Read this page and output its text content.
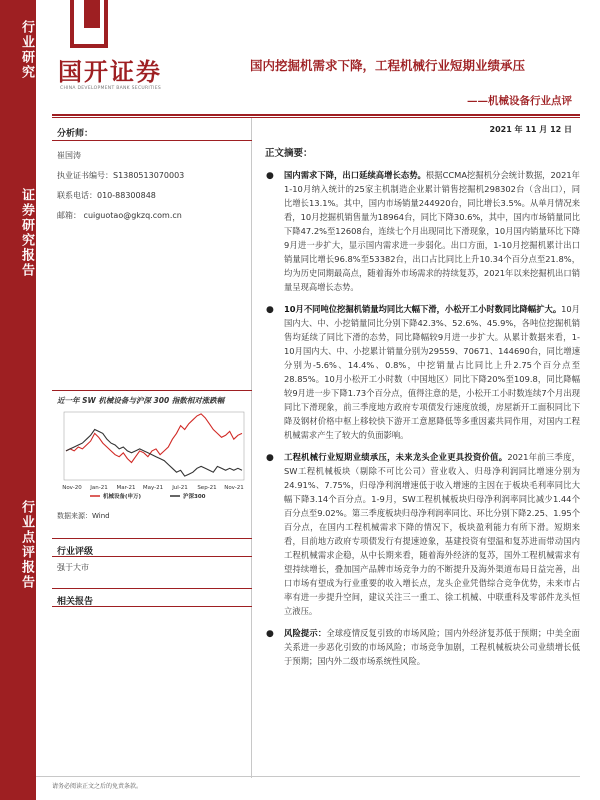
行业研究
证券研究报告
行业点评报告
国开证券
CHINA DEVELOPMENT BANK SECURITIES
国内挖掘机需求下降，工程机械行业短期业绩承压
——机械设备行业点评
分析师：
崔国涛
执业证书编号：S1380513070003
联系电话：010-88300848
邮箱： cuiguotao@gkzq.com.cn
近一年 SW 机械设备与沪深 300 指数相对涨跌幅
Nov-20 Jan-21 Mar-21 May-21 Jul-21 Sep-21 Nov-21
机械设备(申万)	沪深300
数据来源：Wind
行业评级
强于大市
相关报告
2021 年 11 月 12 日
正文摘要：
● 国内需求下降，出口延续高增长态势。根据CCMA挖掘机分会统计数据，2021年1-10月纳入统计的25家主机制造企业累计销售挖掘机298302台（含出口），同比增长13.1%。其中，国内市场销量244920台，同比增长3.5%。从单月情况来看，10月挖掘机销售量为18964台，同比下降30.6%，其中，国内市场销量同比下降47.2%至12608台，连续七个月出现同比下滑现象，10月国内销量环比下降9月进一步扩大，显示国内需求进一步弱化。出口方面，1-10月挖掘机累计出口销量同比增长96.8%至53382台，出口占比同比上升10.34个百分点至21.8%，均为历史同期最高点，随着海外市场需求的持续复苏，2021年以来挖掘机出口销量呈现高增长态势。
● 10月不同吨位挖掘机销量均同比大幅下滑，小松开工小时数同比降幅扩大。10月国内大、中、小挖销量同比分别下降42.3%、52.6%、45.9%，各吨位挖掘机销售均延续了同比下滑的态势，同比降幅较9月进一步扩大。从累计数据来看，1-10月国内大、中、小挖累计销量分别为29559、70671、144690台，同比增速分别为-5.6%、14.4%、0.8%，中挖销量占比同比上升2.75个百分点至28.85%。10月小松开工小时数（中国地区）同比下降20%至109.8，同比降幅较9月进一步下降1.73个百分点，值得注意的是，小松开工小时数连续7个月出现同比下滑现象，前三季度地方政府专项债发行速度放缓，房屋新开工面积同比下降及钢材价格中枢上移较快下游开工意愿降低等多重因素共同作用，对国内工程机械需求产生了较大的负面影响。
● 工程机械行业短期业绩承压，未来龙头企业更具投资价值。2021年前三季度，SW工程机械板块（剔除不可比公司）营业收入、归母净利润同比增速分别为24.91%、7.75%，归母净利润增速低于收入增速的主因在于板块毛利率同比大幅下降3.14个百分点。1-9月，SW工程机械板块归母净利润率同比减少1.44个百分点至9.02%。第三季度板块归母净利润率同比、环比分别下降2.25、1.95个百分点，在国内工程机械需求下降的情况下，板块盈利能力有所下滑。短期来看，目前地方政府专项债发行有提速迹象，基建投资有望温和复苏进而带动国内工程机械需求企稳，从中长期来看，随着海外经济的复苏，国外工程机械需求有望持续增长，叠加国产品牌市场竞争力的不断提升及海外渠道布局日益完善，出口市场有望成为行业重要的收入增长点，龙头企业凭借综合竞争优势，未来市占率有进一步提升空间，建议关注三一重工、徐工机械、中联重科及零部件龙头恒立液压。
● 风险提示：全球疫情反复引致的市场风险；国内外经济复苏低于预期；中美全面关系进一步恶化引致的市场风险；市场竞争加剧，工程机械板块公司业绩增长低于预期；国内外二级市场系统性风险。
请务必阅读正文之后的免责条款。
